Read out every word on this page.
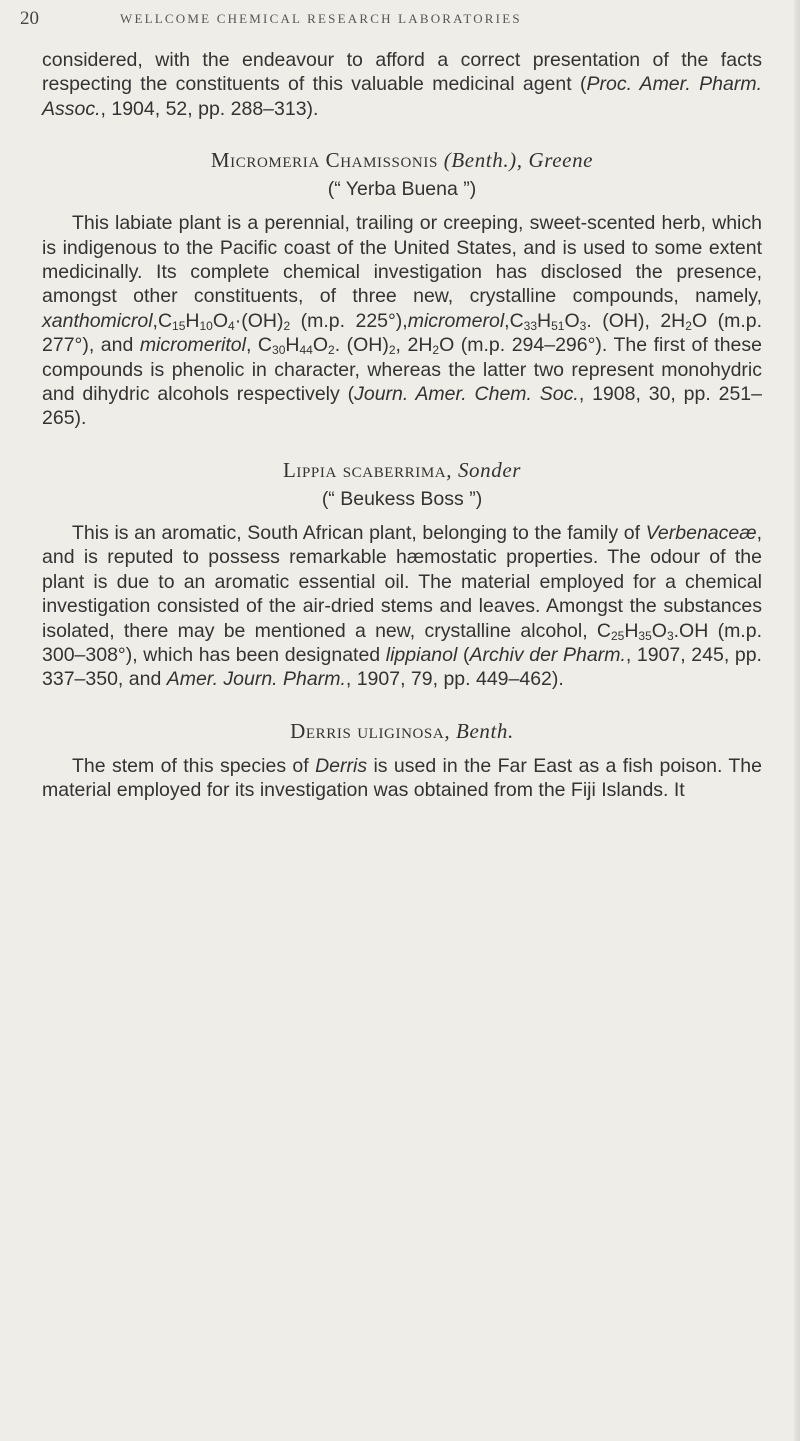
20	WELLCOME CHEMICAL RESEARCH LABORATORIES

considered, with the endeavour to afford a correct presentation of the facts respecting the constituents of this valuable medicinal agent (Proc. Amer. Pharm. Assoc., 1904, 52, pp. 288–313).

Micromeria Chamissonis (Benth.), Greene
(“ Yerba Buena ”)

This labiate plant is a perennial, trailing or creeping, sweet-scented herb, which is indigenous to the Pacific coast of the United States, and is used to some extent medicinally. Its complete chemical investigation has disclosed the presence, amongst other constituents, of three new, crystalline compounds, namely, $xanthomicrol,C_{15}H_{10}O_4\cdot(OH)_2$ (m.p. $225^\circ),micromerol,C_{33}H_{51}O_3$. (OH), $2H_2O$ (m.p. 277°), and micromeritol, $C_{30}H_{44}O_2$. $(OH)_2$, $2H_2O$ (m.p. 294–296°). The first of these compounds is phenolic in character, whereas the latter two represent monohydric and dihydric alcohols respectively (Journ. Amer. Chem. Soc., 1908, 30, pp. 251–265).

Lippia scaberrima, Sonder
(“ Beukess Boss ”)

This is an aromatic, South African plant, belonging to the family of Verbenaceæ, and is reputed to possess remarkable hæmostatic properties. The odour of the plant is due to an aromatic essential oil. The material employed for a chemical investigation consisted of the air-dried stems and leaves. Amongst the substances isolated, there may be mentioned a new, crystalline alcohol, $C_{25}H_{35}O_3.OH$ (m.p. 300–308°), which has been designated lippianol (Archiv der Pharm., 1907, 245, pp. 337–350, and Amer. Journ. Pharm., 1907, 79, pp. 449–462).

Derris uliginosa, Benth.

The stem of this species of Derris is used in the Far East as a fish poison. The material employed for its investigation was obtained from the Fiji Islands. It
